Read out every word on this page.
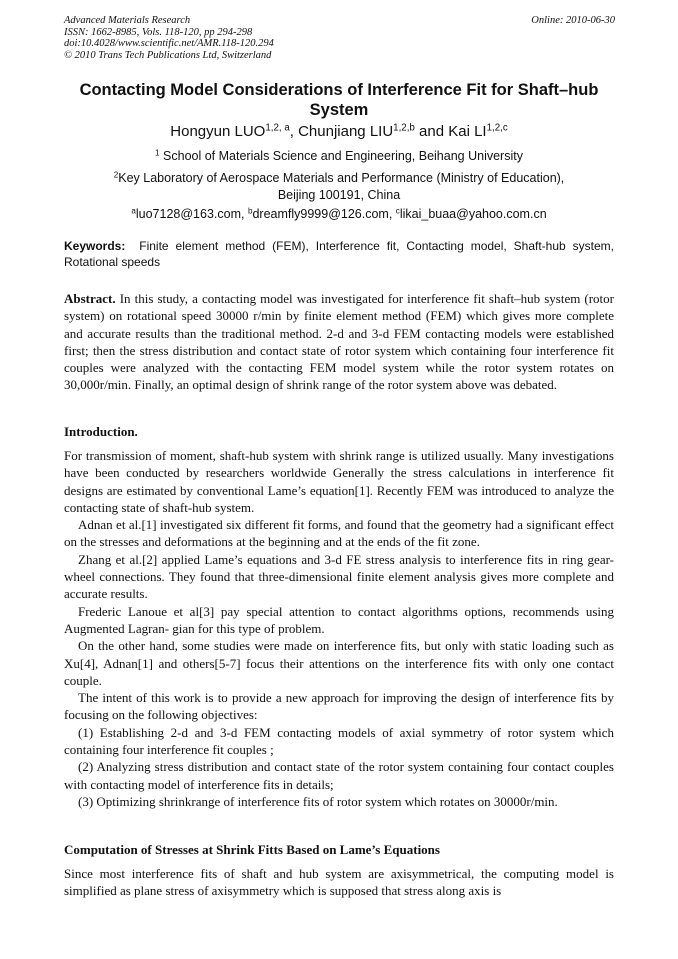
Advanced Materials Research
ISSN: 1662-8985, Vols. 118-120, pp 294-298
doi:10.4028/www.scientific.net/AMR.118-120.294
© 2010 Trans Tech Publications Ltd, Switzerland
Online: 2010-06-30
Contacting Model Considerations of Interference Fit for Shaft–hub System
Hongyun LUO$^{1,2, a}$, Chunjiang LIU$^{1,2,b}$ and Kai LI$^{1,2,c}$
$^1$ School of Materials Science and Engineering, Beihang University
$^2$Key Laboratory of Aerospace Materials and Performance (Ministry of Education),
Beijing 100191, China
$^a$luo7128@163.com, $^b$dreamfly9999@126.com, $^c$likai_buaa@yahoo.com.cn
Keywords: Finite element method (FEM), Interference fit, Contacting model, Shaft-hub system, Rotational speeds

Abstract. In this study, a contacting model was investigated for interference fit shaft–hub system (rotor system) on rotational speed 30000 r/min by finite element method (FEM) which gives more complete and accurate results than the traditional method. 2-d and 3-d FEM contacting models were established first; then the stress distribution and contact state of rotor system which containing four interference fit couples were analyzed with the contacting FEM model system while the rotor system rotates on 30,000r/min. Finally, an optimal design of shrink range of the rotor system above was debated.

Introduction.

For transmission of moment, shaft-hub system with shrink range is utilized usually. Many investigations have been conducted by researchers worldwide Generally the stress calculations in interference fit designs are estimated by conventional Lame’s equation[1]. Recently FEM was introduced to analyze the contacting state of shaft-hub system.

Adnan et al.[1] investigated six different fit forms, and found that the geometry had a significant effect on the stresses and deformations at the beginning and at the ends of the fit zone.

Zhang et al.[2] applied Lame’s equations and 3-d FE stress analysis to interference fits in ring gear-wheel connections. They found that three-dimensional finite element analysis gives more complete and accurate results.

Frederic Lanoue et al[3] pay special attention to contact algorithms options, recommends using Augmented Lagran- gian for this type of problem.

On the other hand, some studies were made on interference fits, but only with static loading such as Xu[4], Adnan[1] and others[5-7] focus their attentions on the interference fits with only one contact couple.

The intent of this work is to provide a new approach for improving the design of interference fits by focusing on the following objectives:

(1) Establishing 2-d and 3-d FEM contacting models of axial symmetry of rotor system which containing four interference fit couples ;

(2) Analyzing stress distribution and contact state of the rotor system containing four contact couples with contacting model of interference fits in details;

(3) Optimizing shrinkrange of interference fits of rotor system which rotates on 30000r/min.

Computation of Stresses at Shrink Fitts Based on Lame’s Equations

Since most interference fits of shaft and hub system are axisymmetrical, the computing model is simplified as plane stress of axisymmetry which is supposed that stress along axis is
